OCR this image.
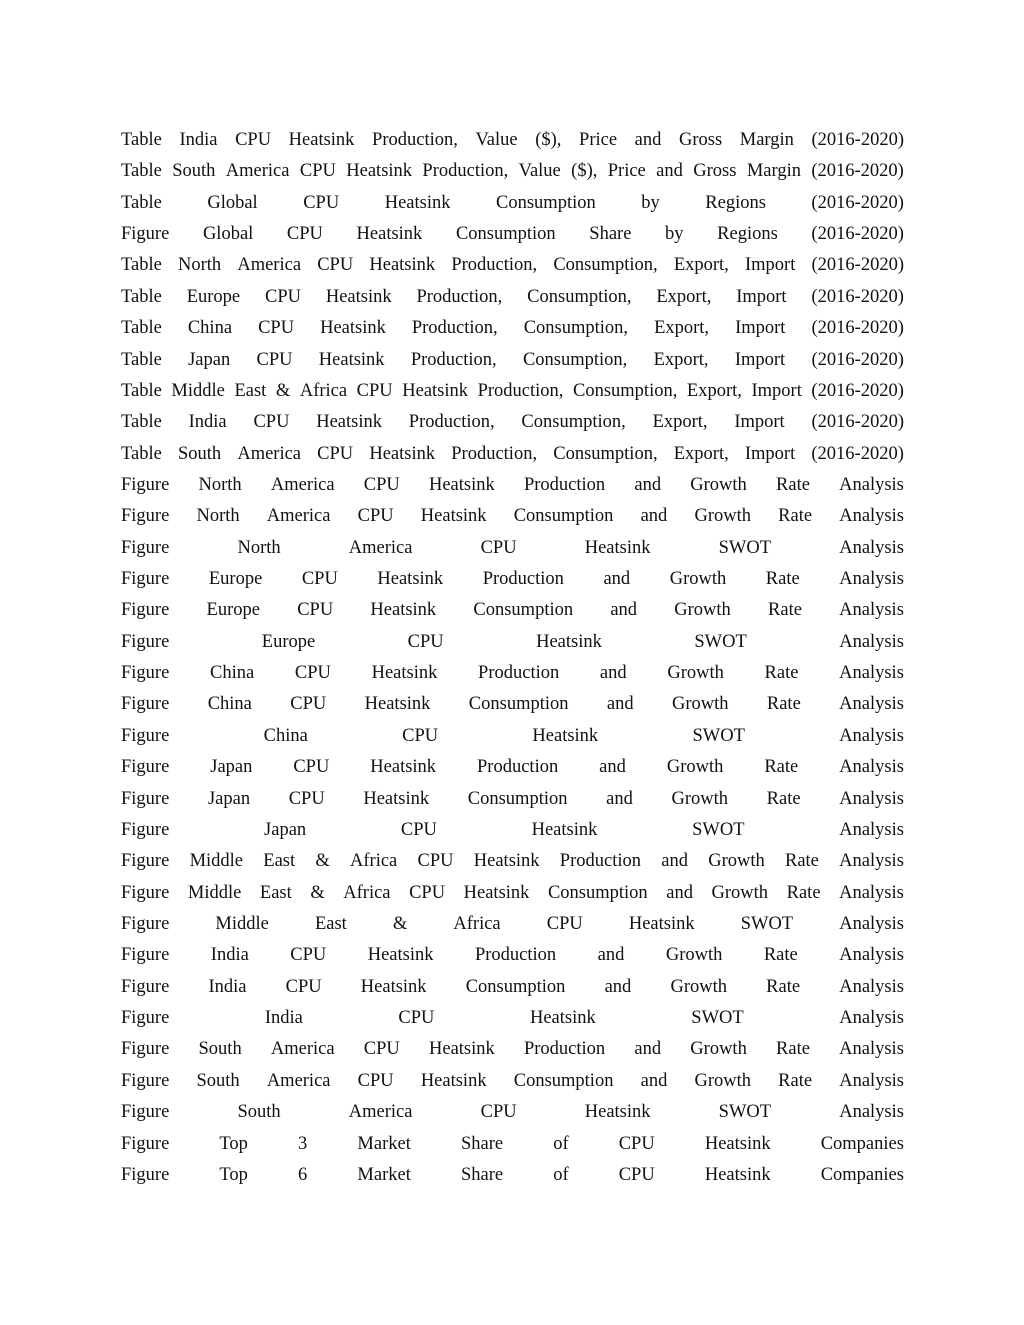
Table India CPU Heatsink Production, Value ($), Price and Gross Margin (2016-2020)
Table South America CPU Heatsink Production, Value ($), Price and Gross Margin (2016-2020)
Table Global CPU Heatsink Consumption by Regions (2016-2020)
Figure Global CPU Heatsink Consumption Share by Regions (2016-2020)
Table North America CPU Heatsink Production, Consumption, Export, Import (2016-2020)
Table Europe CPU Heatsink Production, Consumption, Export, Import (2016-2020)
Table China CPU Heatsink Production, Consumption, Export, Import (2016-2020)
Table Japan CPU Heatsink Production, Consumption, Export, Import (2016-2020)
Table Middle East & Africa CPU Heatsink Production, Consumption, Export, Import (2016-2020)
Table India CPU Heatsink Production, Consumption, Export, Import (2016-2020)
Table South America CPU Heatsink Production, Consumption, Export, Import (2016-2020)
Figure North America CPU Heatsink Production and Growth Rate Analysis
Figure North America CPU Heatsink Consumption and Growth Rate Analysis
Figure	North	America	CPU	Heatsink	SWOT	Analysis
Figure Europe CPU Heatsink Production and Growth Rate Analysis
Figure Europe CPU Heatsink Consumption and Growth Rate Analysis
Figure	Europe	CPU	Heatsink	SWOT	Analysis
Figure China CPU Heatsink Production and Growth Rate Analysis
Figure China CPU Heatsink Consumption and Growth Rate Analysis
Figure	China	CPU	Heatsink	SWOT	Analysis
Figure Japan CPU Heatsink Production and Growth Rate Analysis
Figure Japan CPU Heatsink Consumption and Growth Rate Analysis
Figure	Japan	CPU	Heatsink	SWOT	Analysis
Figure Middle East & Africa CPU Heatsink Production and Growth Rate Analysis
Figure Middle East & Africa CPU Heatsink Consumption and Growth Rate Analysis
Figure Middle East & Africa CPU Heatsink SWOT Analysis
Figure India CPU Heatsink Production and Growth Rate Analysis
Figure India CPU Heatsink Consumption and Growth Rate Analysis
Figure	India	CPU	Heatsink	SWOT	Analysis
Figure South America CPU Heatsink Production and Growth Rate Analysis
Figure South America CPU Heatsink Consumption and Growth Rate Analysis
Figure	South	America	CPU	Heatsink	SWOT	Analysis
Figure	Top	3	Market	Share	of	CPU	Heatsink	Companies
Figure	Top	6	Market	Share	of	CPU	Heatsink	Companies
